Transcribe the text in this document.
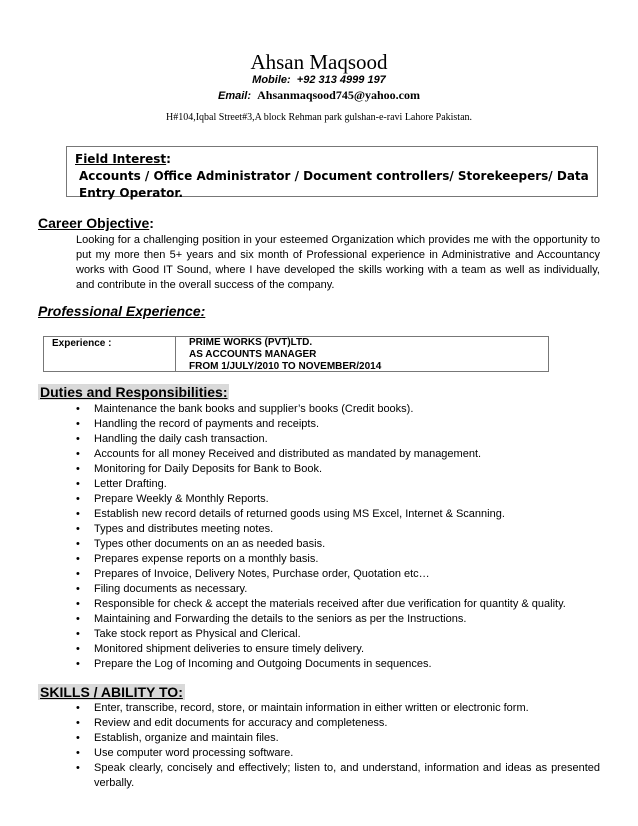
Ahsan Maqsood
Mobile: +92 313 4999 197
Email: Ahsanmaqsood745@yahoo.com
H#104,Iqbal Street#3,A block Rehman park gulshan-e-ravi Lahore Pakistan.
Field Interest:
Accounts / Office Administrator / Document controllers/ Storekeepers/ Data Entry Operator.
Career Objective:
Looking for a challenging position in your esteemed Organization which provides me with the opportunity to put my more then 5+ years and six month of Professional experience in Administrative and Accountancy works with Good IT Sound, where I have developed the skills working with a team as well as individually, and contribute in the overall success of the company.
Professional Experience:
Experience :	PRIME WORKS (PVT)LTD.
AS ACCOUNTS MANAGER
FROM 1/JULY/2010 TO NOVEMBER/2014
Duties and Responsibilities:
• Maintenance the bank books and supplier’s books (Credit books).
• Handling the record of payments and receipts.
• Handling the daily cash transaction.
• Accounts for all money Received and distributed as mandated by management.
• Monitoring for Daily Deposits for Bank to Book.
• Letter Drafting.
• Prepare Weekly & Monthly Reports.
• Establish new record details of returned goods using MS Excel, Internet & Scanning.
• Types and distributes meeting notes.
• Types other documents on an as needed basis.
• Prepares expense reports on a monthly basis.
• Prepares of Invoice, Delivery Notes, Purchase order, Quotation etc…
• Filing documents as necessary.
• Responsible for check & accept the materials received after due verification for quantity & quality.
• Maintaining and Forwarding the details to the seniors as per the Instructions.
• Take stock report as Physical and Clerical.
• Monitored shipment deliveries to ensure timely delivery.
• Prepare the Log of Incoming and Outgoing Documents in sequences.
SKILLS / ABILITY TO:
• Enter, transcribe, record, store, or maintain information in either written or electronic form.
• Review and edit documents for accuracy and completeness.
• Establish, organize and maintain files.
• Use computer word processing software.
• Speak clearly, concisely and effectively; listen to, and understand, information and ideas as presented verbally.
